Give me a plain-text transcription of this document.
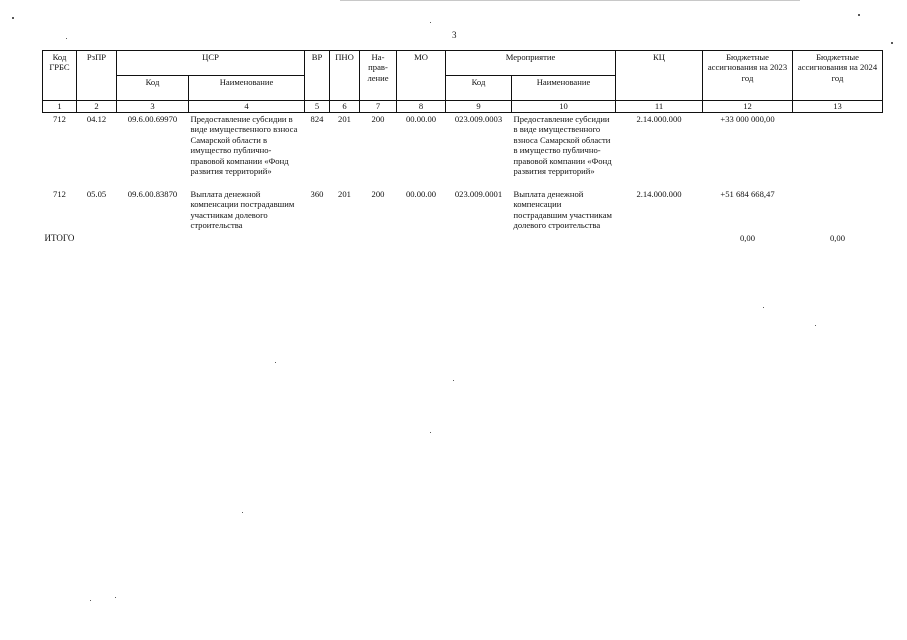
3
Код ГРБС	РзПР	ЦСР		ВР	ПНО	На-прав-ление	МО	Мероприятие		КЦ	Бюджетные ассигнования на 2023 год	Бюджетные ассигнования на 2024 год
		Код	Наименование					Код	Наименование			
1	2	3	4	5	6	7	8	9	10	11	12	13
712	04.12	09.6.00.69970	Предоставление субсидии в виде имущественного взноса Самарской области в имущество публично-правовой компании «Фонд развития территорий»	824	201	200	00.00.00	023.009.0003	Предоставление субсидии в виде имущественного взноса Самарской области в имущество публично-правовой компании «Фонд развития территорий»	2.14.000.000	+33 000 000,00	
712	05.05	09.6.00.83870	Выплата денежной компенсации пострадавшим участникам долевого строительства	360	201	200	00.00.00	023.009.0001	Выплата денежной компенсации пострадавшим участникам долевого строительства	2.14.000.000	+51 684 668,47	
ИТОГО											0,00	0,00
